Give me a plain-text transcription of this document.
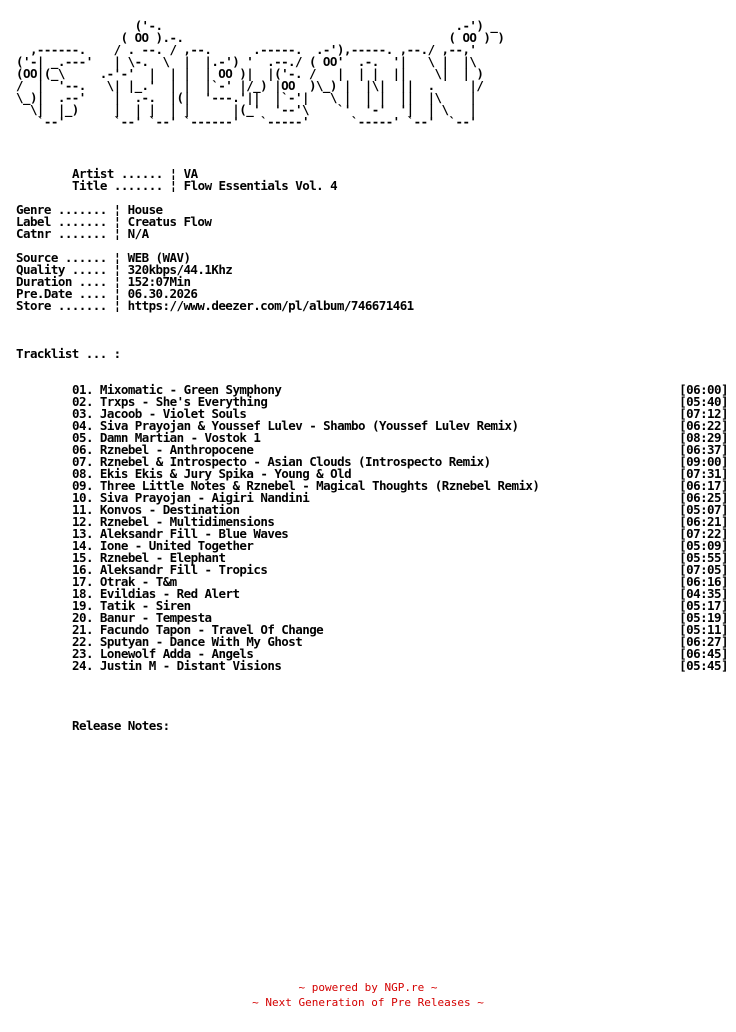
('-.                                          .-') _
( OO ).-.                                      ( OO ) )
,------.    / . --. / ,--.      .-----.  .-'),-----. ,--./ ,--,'
('-| _.---'   | \-.  \  |  |.-') '  .--./ ( OO'  .-.  '|   \ |  |\
(OO|(_\     .-'-'  |  | |  | OO )|  |('-. /   |  | |  ||    \|  | )
/  |  '--.   \| |_.'  | |  |`-' |/_) |OO  )\_) |  |\|  ||  .     |/
\_)|  .--'    |  .-.  |(|  '---.'||  |`-'|   \ |  | |  ||  |\    |
\|  |_)     |  | |  | |      |(_'  '--'\    `'  '-'  '|  | \   |
`--'       `--' `--' `------'   `-----'      `-----' `--'  `--'
Artist ...... ¦ VA
Title ....... ¦ Flow Essentials Vol. 4
Genre ....... ¦ House
Label ....... ¦ Creatus Flow
Catnr ....... ¦ N/A
Source ...... ¦ WEB (WAV)
Quality ..... ¦ 320kbps/44.1Khz
Duration .... ¦ 152:07Min
Pre.Date .... ¦ 06.30.2026
Store ....... ¦ https://www.deezer.com/pl/album/746671461
Tracklist ... :
01. Mixomatic - Green Symphony	[06:00]
02. Trxps - She's Everything	[05:40]
03. Jacoob - Violet Souls	[07:12]
04. Siva Prayojan & Youssef Lulev - Shambo (Youssef Lulev Remix)	[06:22]
05. Damn Martian - Vostok 1	[08:29]
06. Rznebel - Anthropocene	[06:37]
07. Rznebel & Introspecto - Asian Clouds (Introspecto Remix)	[09:00]
08. Ekis Ekis & Jury Spika - Young & Old	[07:31]
09. Three Little Notes & Rznebel - Magical Thoughts (Rznebel Remix)	[06:17]
10. Siva Prayojan - Aigiri Nandini	[06:25]
11. Konvos - Destination	[05:07]
12. Rznebel - Multidimensions	[06:21]
13. Aleksandr Fill - Blue Waves	[07:22]
14. Ione - United Together	[05:09]
15. Rznebel - Elephant	[05:55]
16. Aleksandr Fill - Tropics	[07:05]
17. Otrak - T&m	[06:16]
18. Evildias - Red Alert	[04:35]
19. Tatik - Siren	[05:17]
20. Banur - Tempesta	[05:19]
21. Facundo Tapon - Travel Of Change	[05:11]
22. Sputyan - Dance With My Ghost	[06:27]
23. Lonewolf Adda - Angels	[06:45]
24. Justin M - Distant Visions	[05:45]
Release Notes:
~ powered by NGP.re ~
~ Next Generation of Pre Releases ~
